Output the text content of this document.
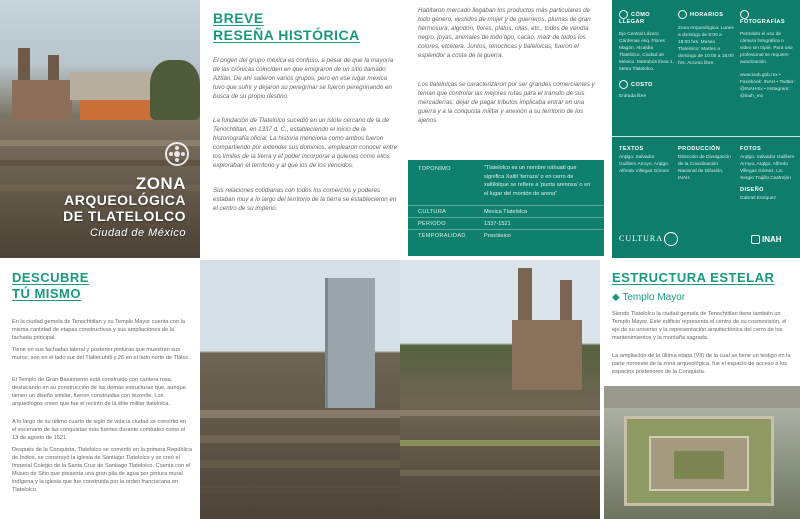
ZONA
ARQUEOLÓGICA
DE TLATELOLCO
Ciudad de México
BREVE
RESEÑA HISTÓRICA
El origen del grupo mexica es confuso, a pesar de que la mayoría de las crónicas coinciden en que emigraron de un sitio llamado Aztlán. De ahí salieron varios grupos, pero en ese lugar mexica tuvo que sufrir y dejaron su peregrinar se fueron peregrinando en busca de su propio destino.
La fundación de Tlatelolco sucedió en un islote cercano de la de Tenochtitlan, en 1337 d. C., estableciendo el inicio de la historiografía oficial. La historia menciona como ambos fueron compartiendo por extender sus dominios, emplearon conocer entre los límites de la tierra y el poder incorporar a quienes como ellos exploraban el territorio y al que los de los vencidos.
Sus relaciones cotidianas con todos los comercios y poderes estaban muy a lo largo del territorio de la tierra se establecieron en el centro de su imperio.
Habitaron mercado llegaban los productos más particulares de todo género, vestidos de mujer y de guerreros, plumas de gran hermosura, algodón, flores, platos, ollas, etc., todos de vendía negro, joyas, animales de todo tipo, cacao, maíz de todos los colores, etcétera. Juntos, tenochcas y tlatelolcas, fueron el esplendor a costa de la guerra.
Los tlatelolcas se caracterizaron por ser grandes comerciantes y tenían que controlar las mejores rutas para el tránsito de sus mercaderías; dejar de pagar tributos implicaba entrar en una guerra y a la conquista militar y anexión a su territorio de los ajenos.
TOPONIMO	"Tlatelolco es un nombre náhuatl que significa Xaltil 'terraza' o en cerro de xaltilolque se refiere a 'punta arenosa' o en el lugar del montón de arena"
CULTURA	Mexica Tlatelolca
PERIODO	1337-1521
TEMPORALIDAD	Posclásico
CÓMO LLEGAR
Eje Central Lázaro Cárdenas esq. Flores Magón, Alcaldía Tlatelolco, Ciudad de México. Metrobús línea 1, Metro Tlatelolco.
COSTO
Entrada libre
HORARIOS
Zona Arqueológica: Lunes a domingo de 8:00 a 18:00 hrs. Museo Tlatelolco: Martes a domingo de 10:00 a 18:00 hrs. Acceso libre.
FOTOGRAFÍAS
Permitido el uso de cámara fotográfica o video sin tripié. Para uso profesional se requiere autorización.
www.inah.gob.mx • Facebook: INAH • Twitter: @INAHmx • Instagram: @inah_mx
TEXTOS
Arqlgo. Salvador Guilliem Arroyo, Arqlgo. Alfredo Villegas Gómez
PRODUCCIÓN
Dirección de Divulgación de la Coordinación Nacional de Difusión, INAH
FOTOS
Arqlgo. Salvador Guilliem Arroyo, Arqlgo. Alfredo Villegas Gómez, Lic. Sergio Trujillo Castrejón
DISEÑO
Gabriel Enríquez
CULTURA	INAH
DESCUBRE
TÚ MISMO
En la ciudad gemela de Tenochtitlan y su Templo Mayor cuenta con la misma cantidad de etapas constructivas y sus ampliaciones de la fachada principal.
Tiene en sus fachadas lateral y posterior pinturas que muestran sus muros, son en el lado sur del Tlaltecuhtli y 26 en el lado norte de Tláloc.
El Templo de Gran Basamento está construido con cantera rosa, destacando en su construcción de las demás estructuras que, aunque tienen un diseño similar, fueron construidas con tezontle. Los arqueólogos creen que fue el recinto de la élite militar tlatelolca.
A lo largo de su último cuarto de siglo de vida la ciudad se convirtió en el escenario de las conquistas más fuertes durante combates como el 13 de agosto de 1521.
Después de la Conquista, Tlatelolco se convirtió en la primera República de Indios, se construyó la iglesia de Santiago Tlatelolco y se creó el Imperial Colegio de la Santa Cruz de Santiago Tlatelolco. Cuenta con el Museo de Sitio que presenta una gran pila de agua por pintura mural indígena y la iglesia que fue construida por la orden franciscana en Tlatelolco.
ESTRUCTURA ESTELAR
◆ Templo Mayor
Siendo Tlatelolco la ciudad gemela de Tenochtitlan tiene también un Templo Mayor. Este edificio representa el centro de su cosmovisión, el eje de su universo y la representación arquitectónica del cerro de los mantenimientos y la montaña sagrada.
La ampliación de la última etapa (VII) de la cual se tiene un testigo en la parte noroeste de la zona arqueológica, fue el espacio de acceso a los espacios posteriores de la Conquista.
